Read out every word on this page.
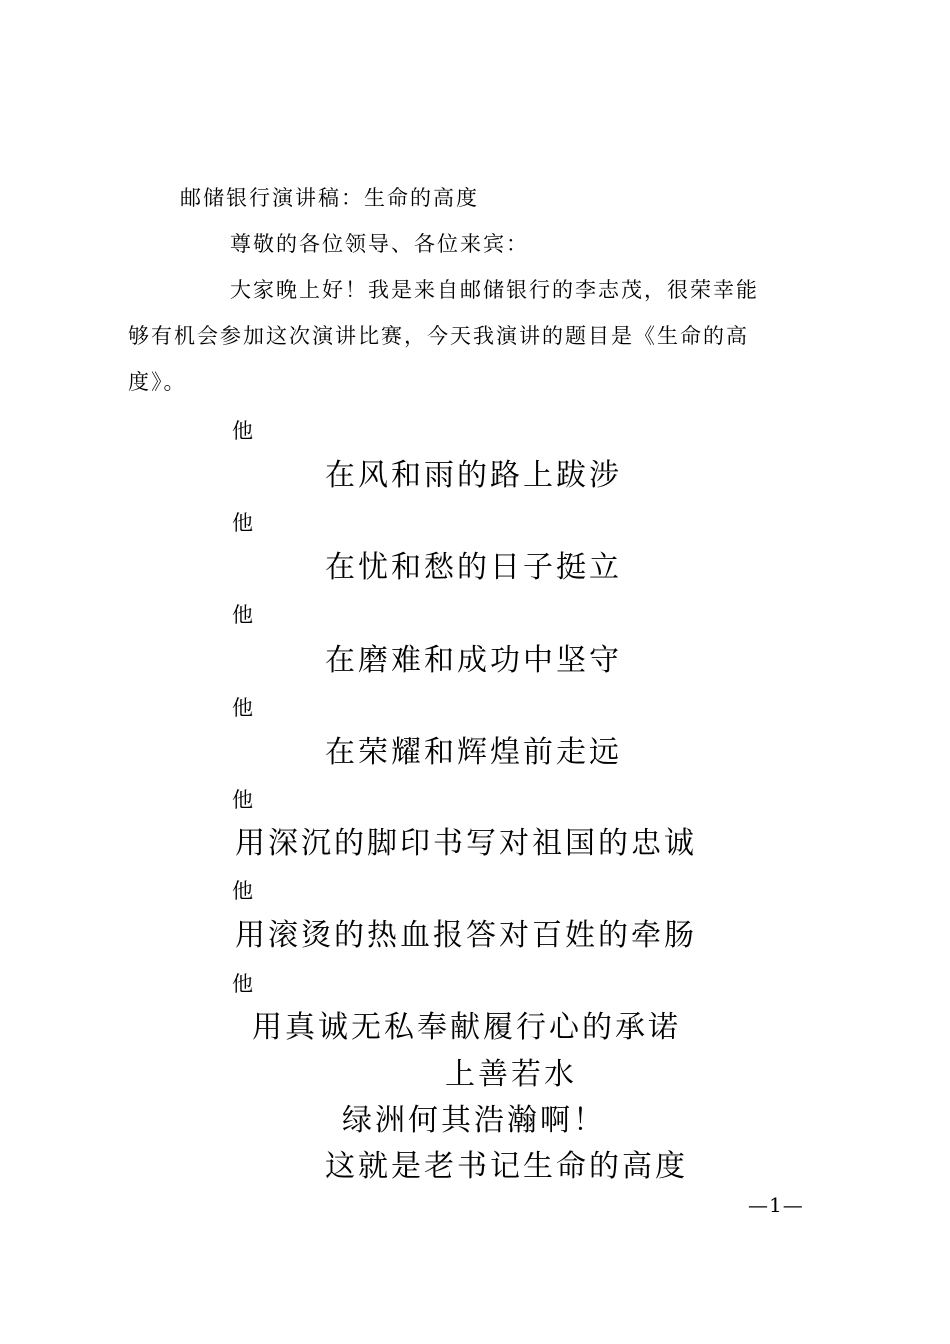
邮储银行演讲稿：生命的高度
尊敬的各位领导、各位来宾：
大家晚上好！我是来自邮储银行的李志茂，很荣幸能
够有机会参加这次演讲比赛，今天我演讲的题目是《生命的高
度》。
他
在风和雨的路上跋涉
他
在忧和愁的日子挺立
他
在磨难和成功中坚守
他
在荣耀和辉煌前走远
他
用深沉的脚印书写对祖国的忠诚
他
用滚烫的热血报答对百姓的牵肠
他
用真诚无私奉献履行心的承诺
上善若水
绿洲何其浩瀚啊！
这就是老书记生命的高度
—1—
